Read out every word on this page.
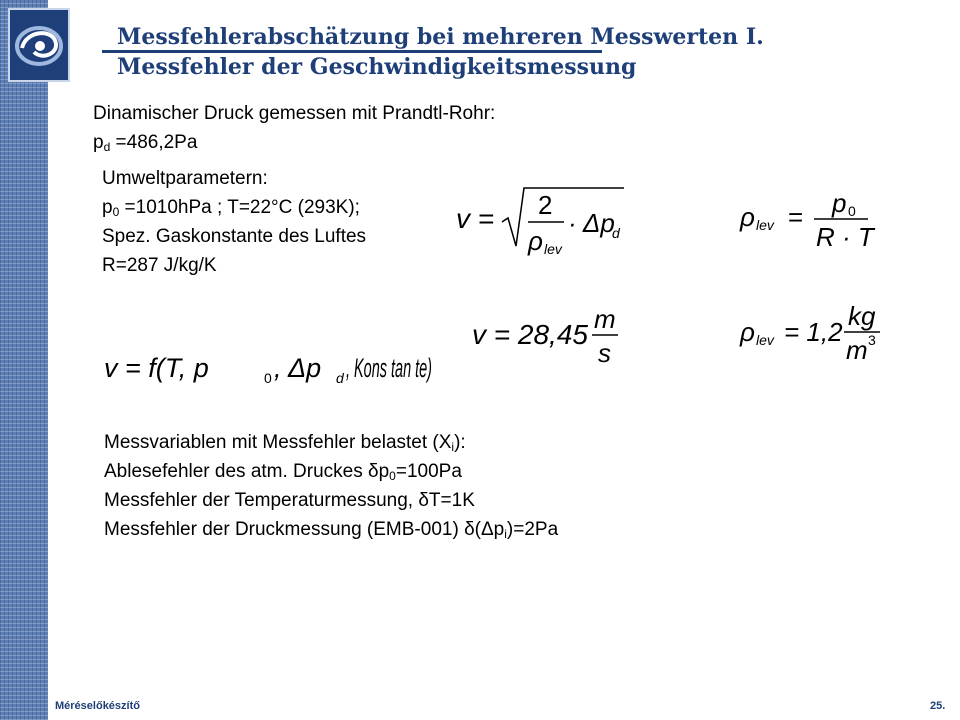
Messfehlerabschätzung bei mehreren Messwerten I.
Messfehler der Geschwindigkeitsmessung

Dinamischer Druck gemessen mit Prandtl-Rohr:

$p_d =486,2Pa$

Umweltparametern:

$p_0 =1010hPa$ ; T=22°C (293K);

Spez. Gaskonstante des Luftes

R=287 J/kg/K

v = 2
ρ lev
· Δp
d
ρ lev = p 0
R · T
v = 28,45 m
s
ρ lev = 1,2
kg
m 3
v = f(T, p	0 , Δp d , Kons tan te)

Messvariablen mit Messfehler belastet $(X_i)$:

Ablesefehler des atm. Druckes $\delta p_0=100Pa$

Messfehler der Temperaturmessung, δT=1K

Messfehler der Druckmessung (EMB-001) $\delta(\Delta p_i)=2Pa$

Méréselőkészítő	25.
